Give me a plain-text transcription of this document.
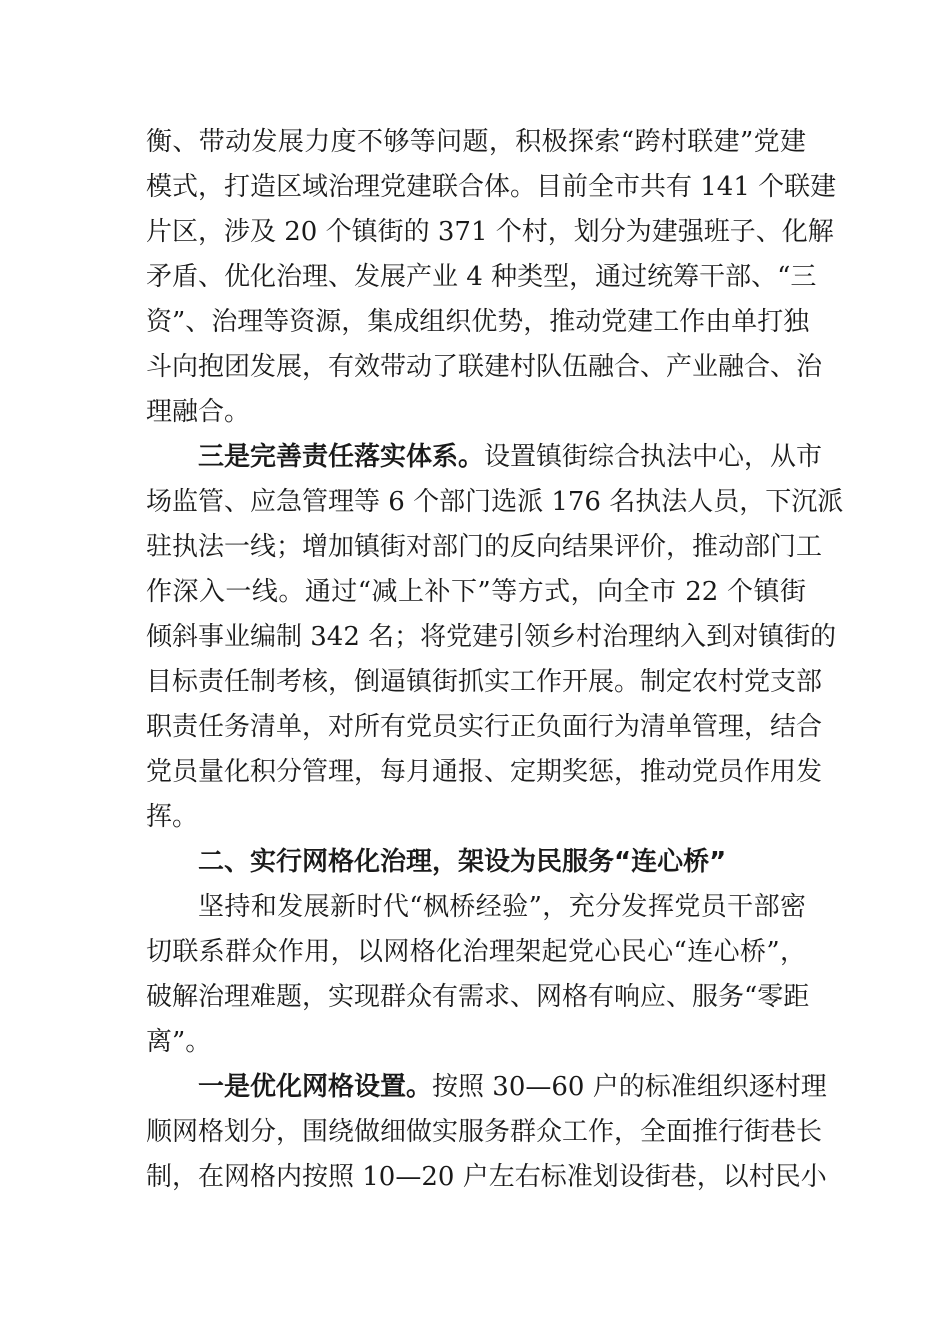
衡、带动发展力度不够等问题，积极探索“跨村联建”党建
模式，打造区域治理党建联合体。目前全市共有 141 个联建
片区，涉及 20 个镇街的 371 个村，划分为建强班子、化解
矛盾、优化治理、发展产业 4 种类型，通过统筹干部、“三
资”、治理等资源，集成组织优势，推动党建工作由单打独
斗向抱团发展，有效带动了联建村队伍融合、产业融合、治
理融合。
三是完善责任落实体系。设置镇街综合执法中心，从市
场监管、应急管理等 6 个部门选派 176 名执法人员，下沉派
驻执法一线；增加镇街对部门的反向结果评价，推动部门工
作深入一线。通过“减上补下”等方式，向全市 22 个镇街
倾斜事业编制 342 名；将党建引领乡村治理纳入到对镇街的
目标责任制考核，倒逼镇街抓实工作开展。制定农村党支部
职责任务清单，对所有党员实行正负面行为清单管理，结合
党员量化积分管理，每月通报、定期奖惩，推动党员作用发
挥。
二、实行网格化治理，架设为民服务“连心桥”
坚持和发展新时代“枫桥经验”，充分发挥党员干部密
切联系群众作用，以网格化治理架起党心民心“连心桥”，
破解治理难题，实现群众有需求、网格有响应、服务“零距
离”。
一是优化网格设置。按照 30—60 户的标准组织逐村理
顺网格划分，围绕做细做实服务群众工作，全面推行街巷长
制，在网格内按照 10—20 户左右标准划设街巷，以村民小
